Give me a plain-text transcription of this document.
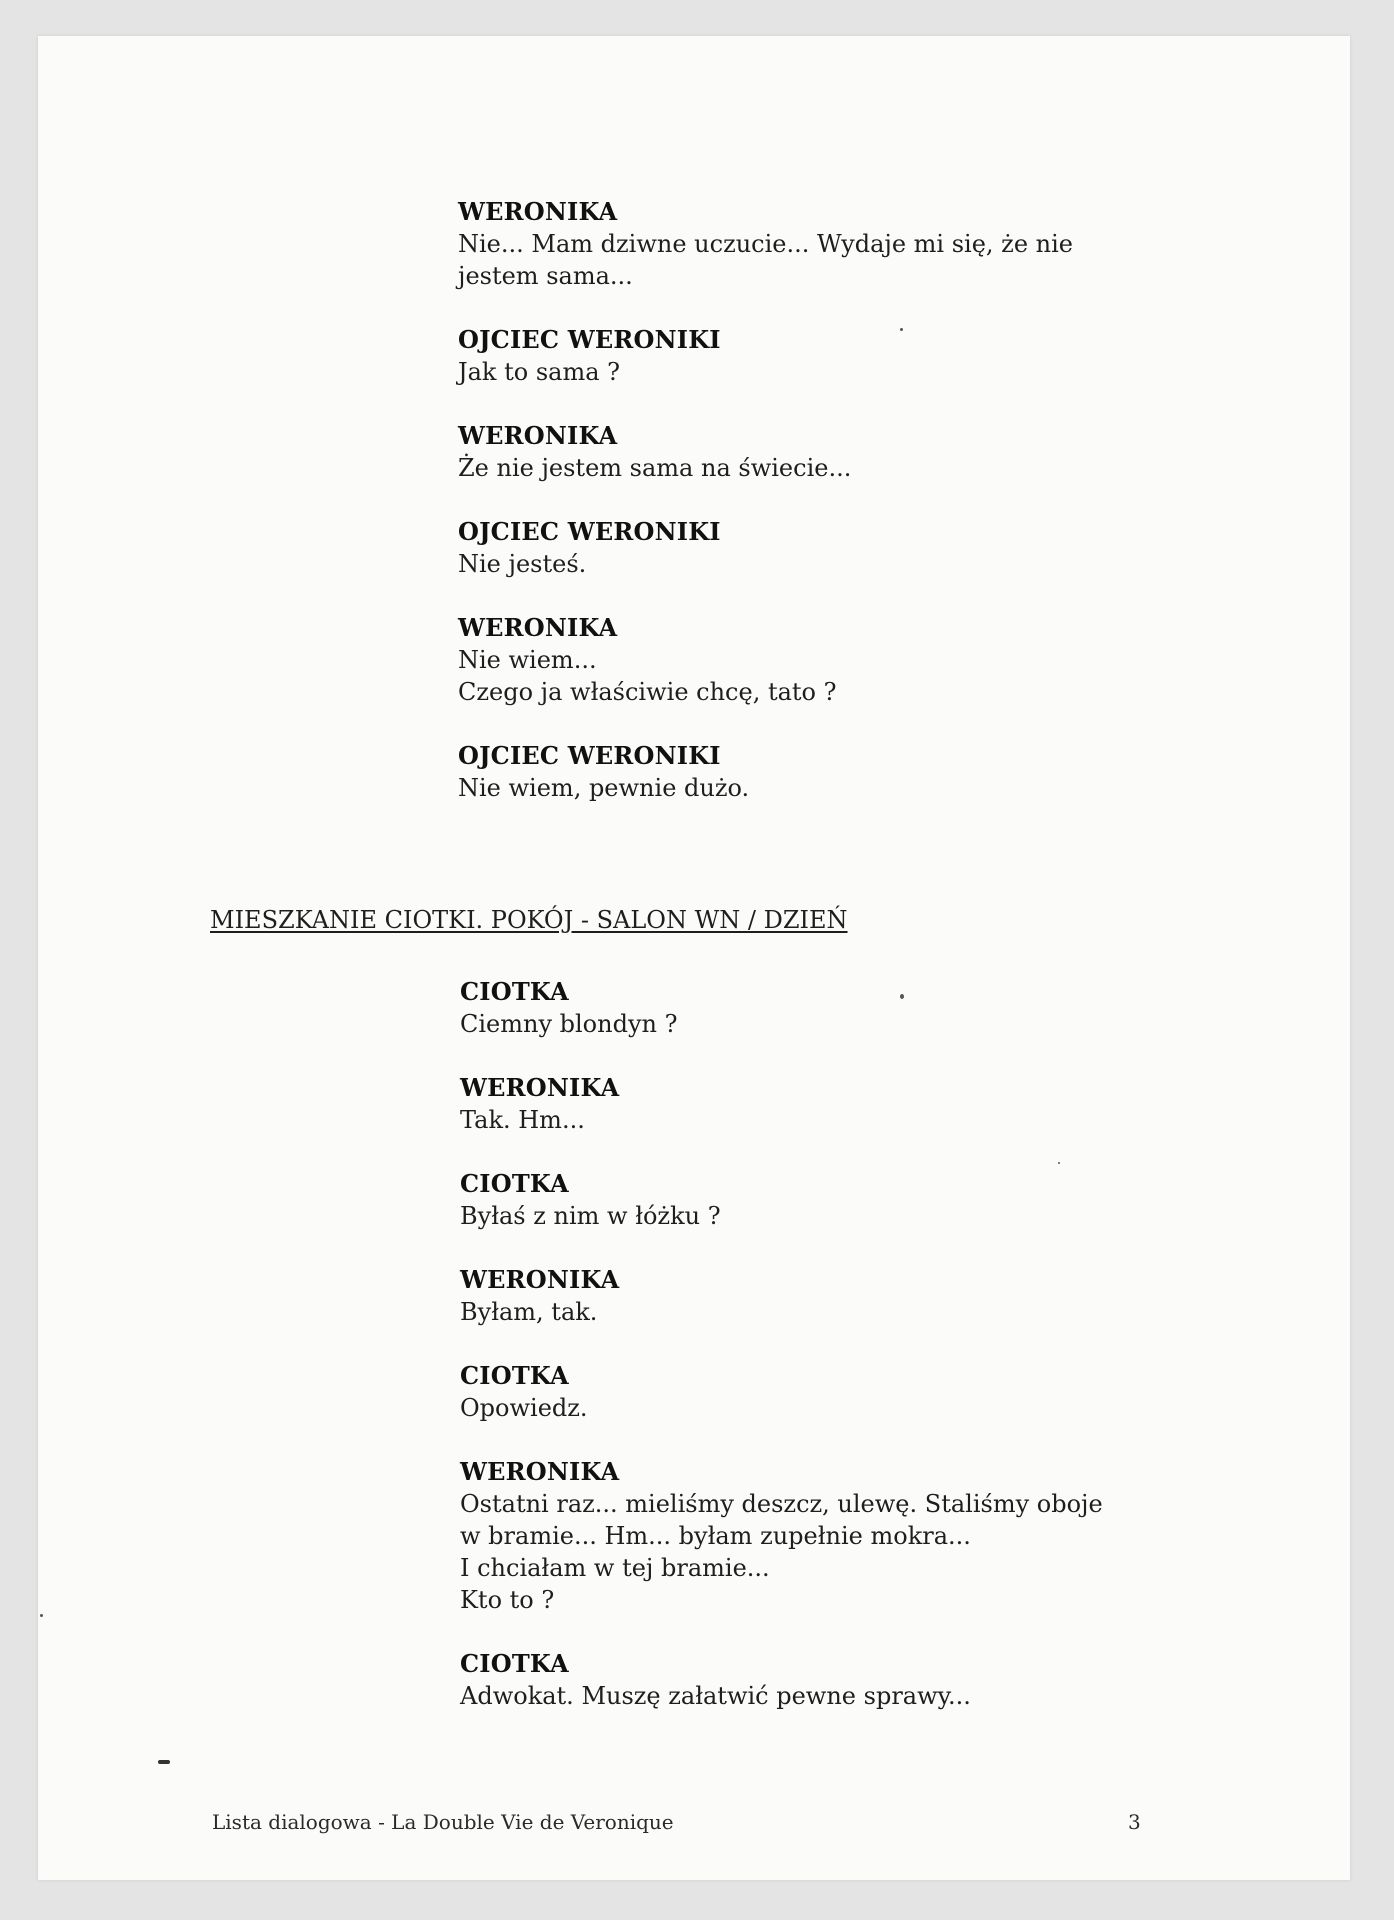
WERONIKA
Nie... Mam dziwne uczucie... Wydaje mi się, że nie
jestem sama...
OJCIEC WERONIKI
Jak to sama ?
WERONIKA
Że nie jestem sama na świecie...
OJCIEC WERONIKI
Nie jesteś.
WERONIKA
Nie wiem...
Czego ja właściwie chcę, tato ?
OJCIEC WERONIKI
Nie wiem, pewnie dużo.
MIESZKANIE CIOTKI. POKÓJ - SALON WN / DZIEŃ
CIOTKA
Ciemny blondyn ?
WERONIKA
Tak. Hm...
CIOTKA
Byłaś z nim w łóżku ?
WERONIKA
Byłam, tak.
CIOTKA
Opowiedz.
WERONIKA
Ostatni raz... mieliśmy deszcz, ulewę. Staliśmy oboje
w bramie... Hm... byłam zupełnie mokra...
I chciałam w tej bramie...
Kto to ?
CIOTKA
Adwokat. Muszę załatwić pewne sprawy...
Lista dialogowa - La Double Vie de Veronique	3
